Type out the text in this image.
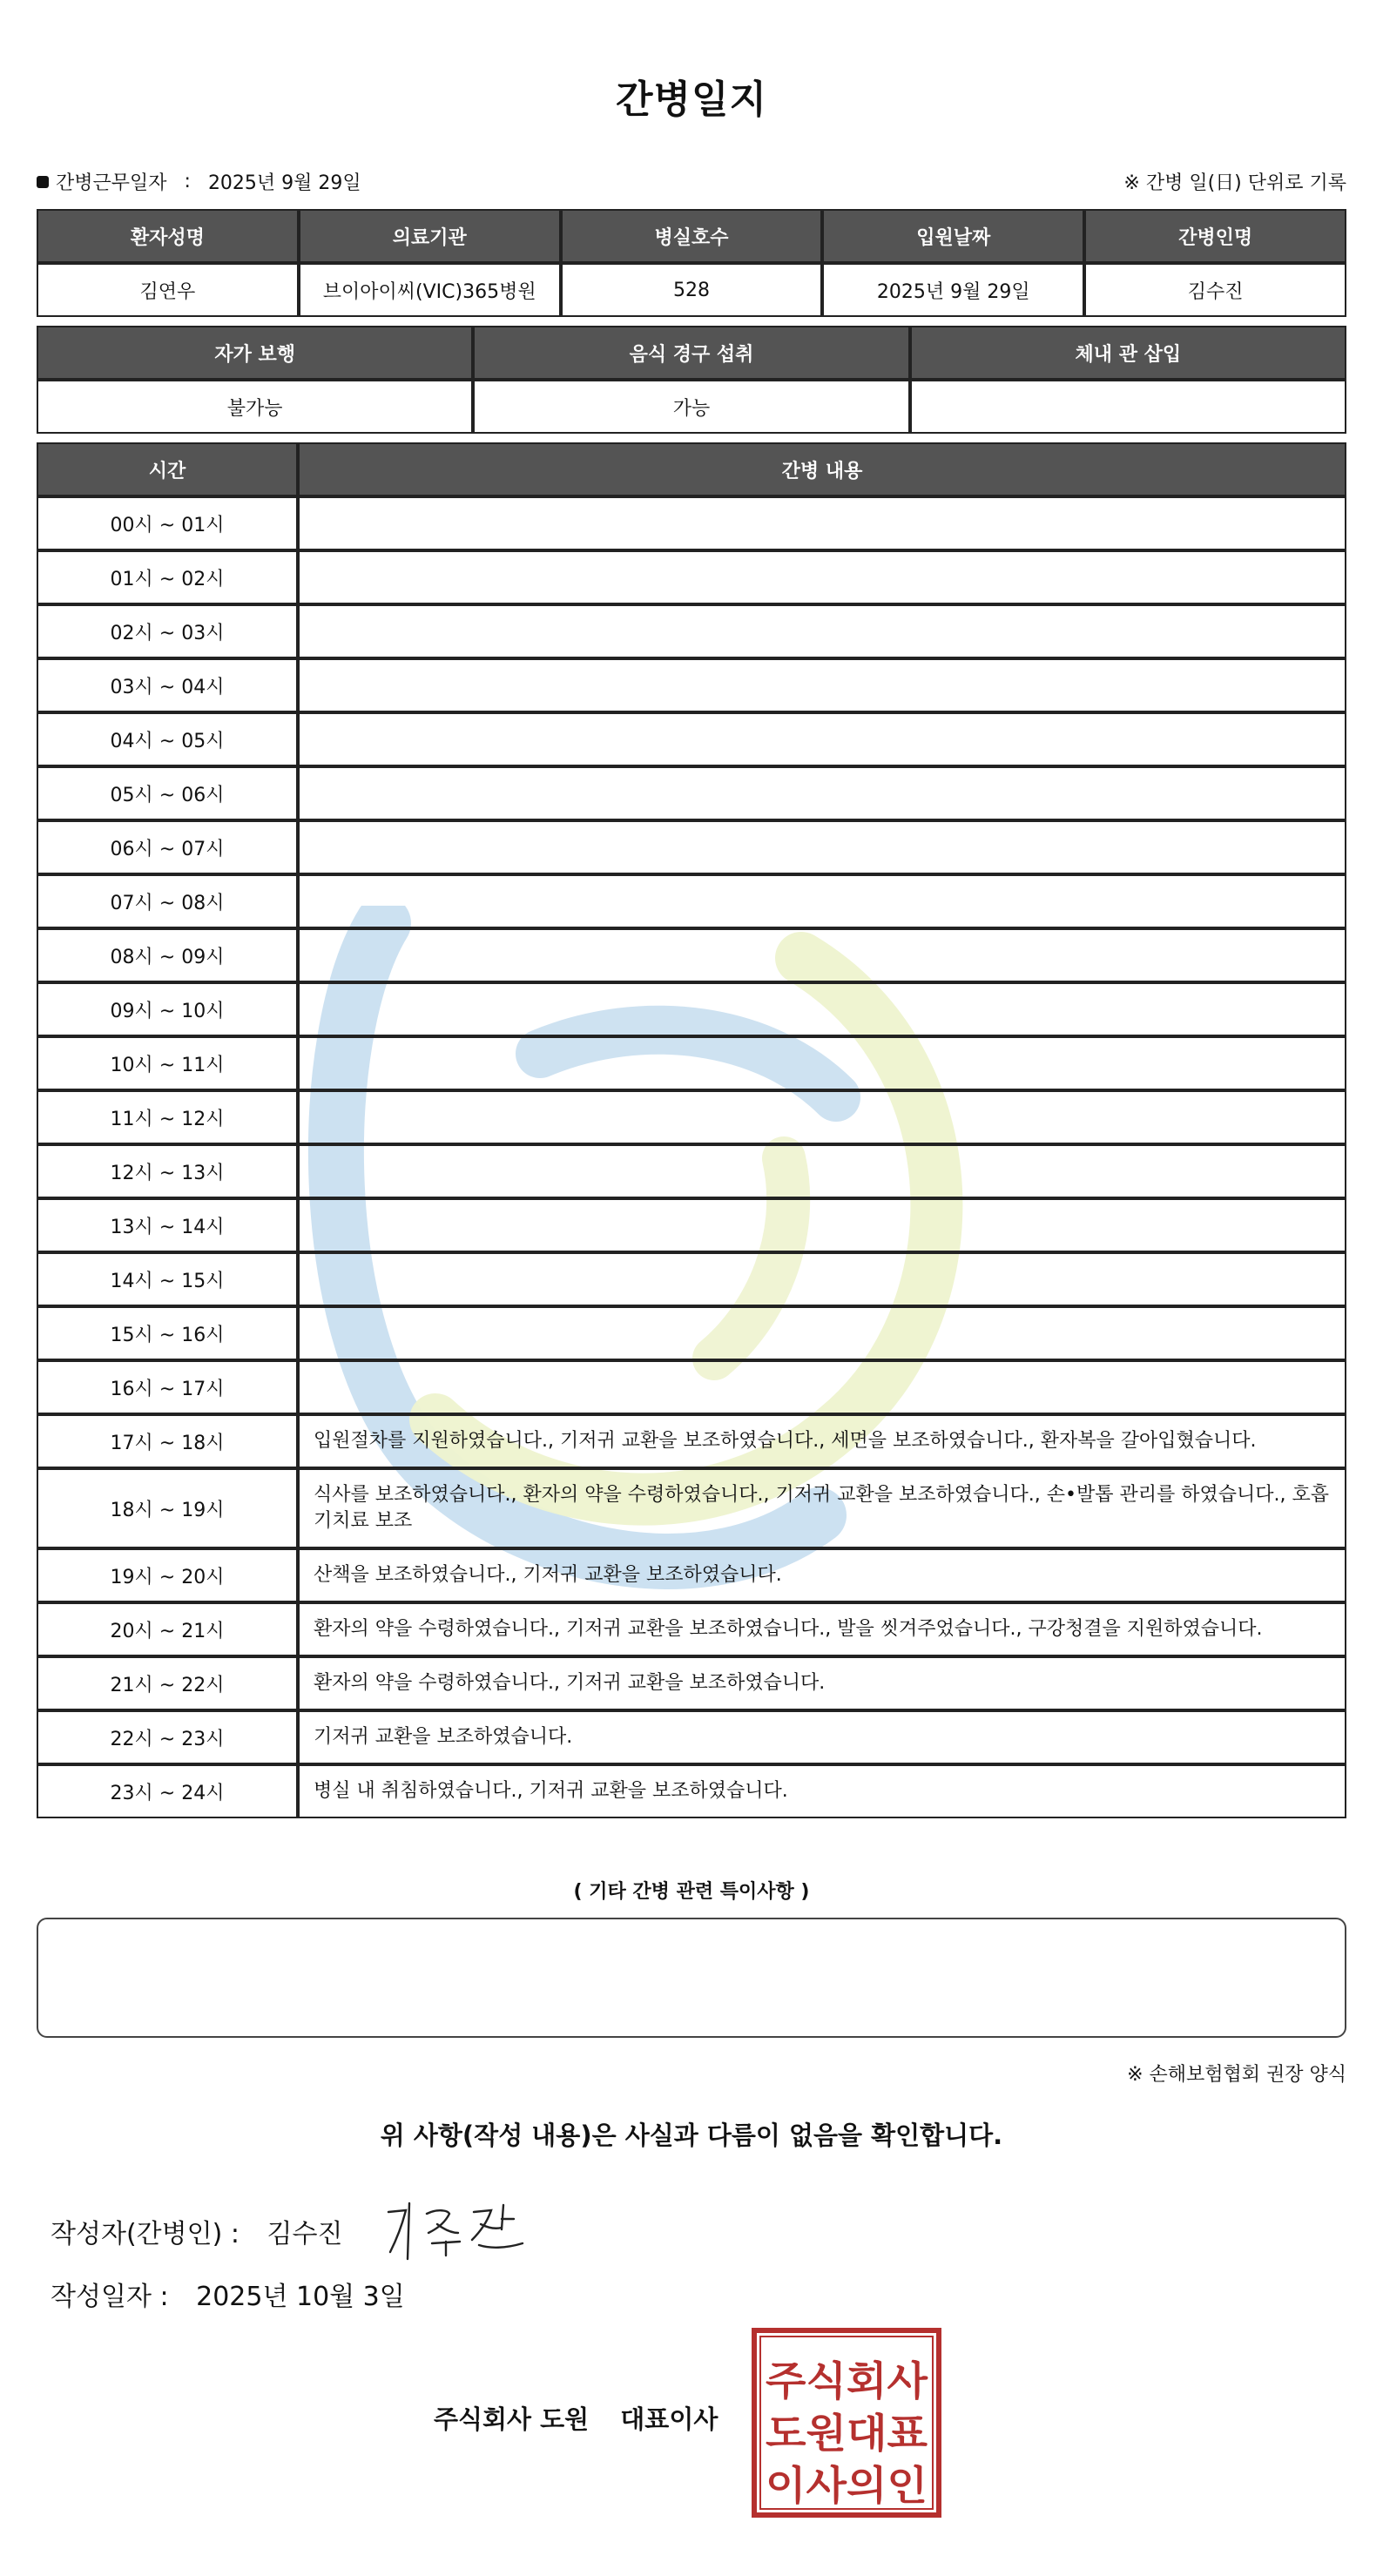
간병일지
간병근무일자 : 2025년 9월 29일	※ 간병 일(日) 단위로 기록
환자성명	의료기관	병실호수	입원날짜	간병인명
김연우	브이아이씨(VIC)365병원	528	2025년 9월 29일	김수진
자가 보행	음식 경구 섭취	체내 관 삽입
불가능	가능	
시간	간병 내용
00시 ~ 01시	
01시 ~ 02시	
02시 ~ 03시	
03시 ~ 04시	
04시 ~ 05시	
05시 ~ 06시	
06시 ~ 07시	
07시 ~ 08시	
08시 ~ 09시	
09시 ~ 10시	
10시 ~ 11시	
11시 ~ 12시	
12시 ~ 13시	
13시 ~ 14시	
14시 ~ 15시	
15시 ~ 16시	
16시 ~ 17시	
17시 ~ 18시	입원절차를 지원하였습니다., 기저귀 교환을 보조하였습니다., 세면을 보조하였습니다., 환자복을 갈아입혔습니다.
18시 ~ 19시	식사를 보조하였습니다., 환자의 약을 수령하였습니다., 기저귀 교환을 보조하였습니다., 손•발톱 관리를 하였습니다., 호흡기치료 보조
19시 ~ 20시	산책을 보조하였습니다., 기저귀 교환을 보조하였습니다.
20시 ~ 21시	환자의 약을 수령하였습니다., 기저귀 교환을 보조하였습니다., 발을 씻겨주었습니다., 구강청결을 지원하였습니다.
21시 ~ 22시	환자의 약을 수령하였습니다., 기저귀 교환을 보조하였습니다.
22시 ~ 23시	기저귀 교환을 보조하였습니다.
23시 ~ 24시	병실 내 취침하였습니다., 기저귀 교환을 보조하였습니다.
( 기타 간병 관련 특이사항 )
※ 손해보험협회 권장 양식
위 사항(작성 내용)은 사실과 다름이 없음을 확인합니다.
작성자(간병인) : 김수진
작성일자 : 2025년 10월 3일
주식회사 도원 대표이사
주식회사
도원대표
이사의인
